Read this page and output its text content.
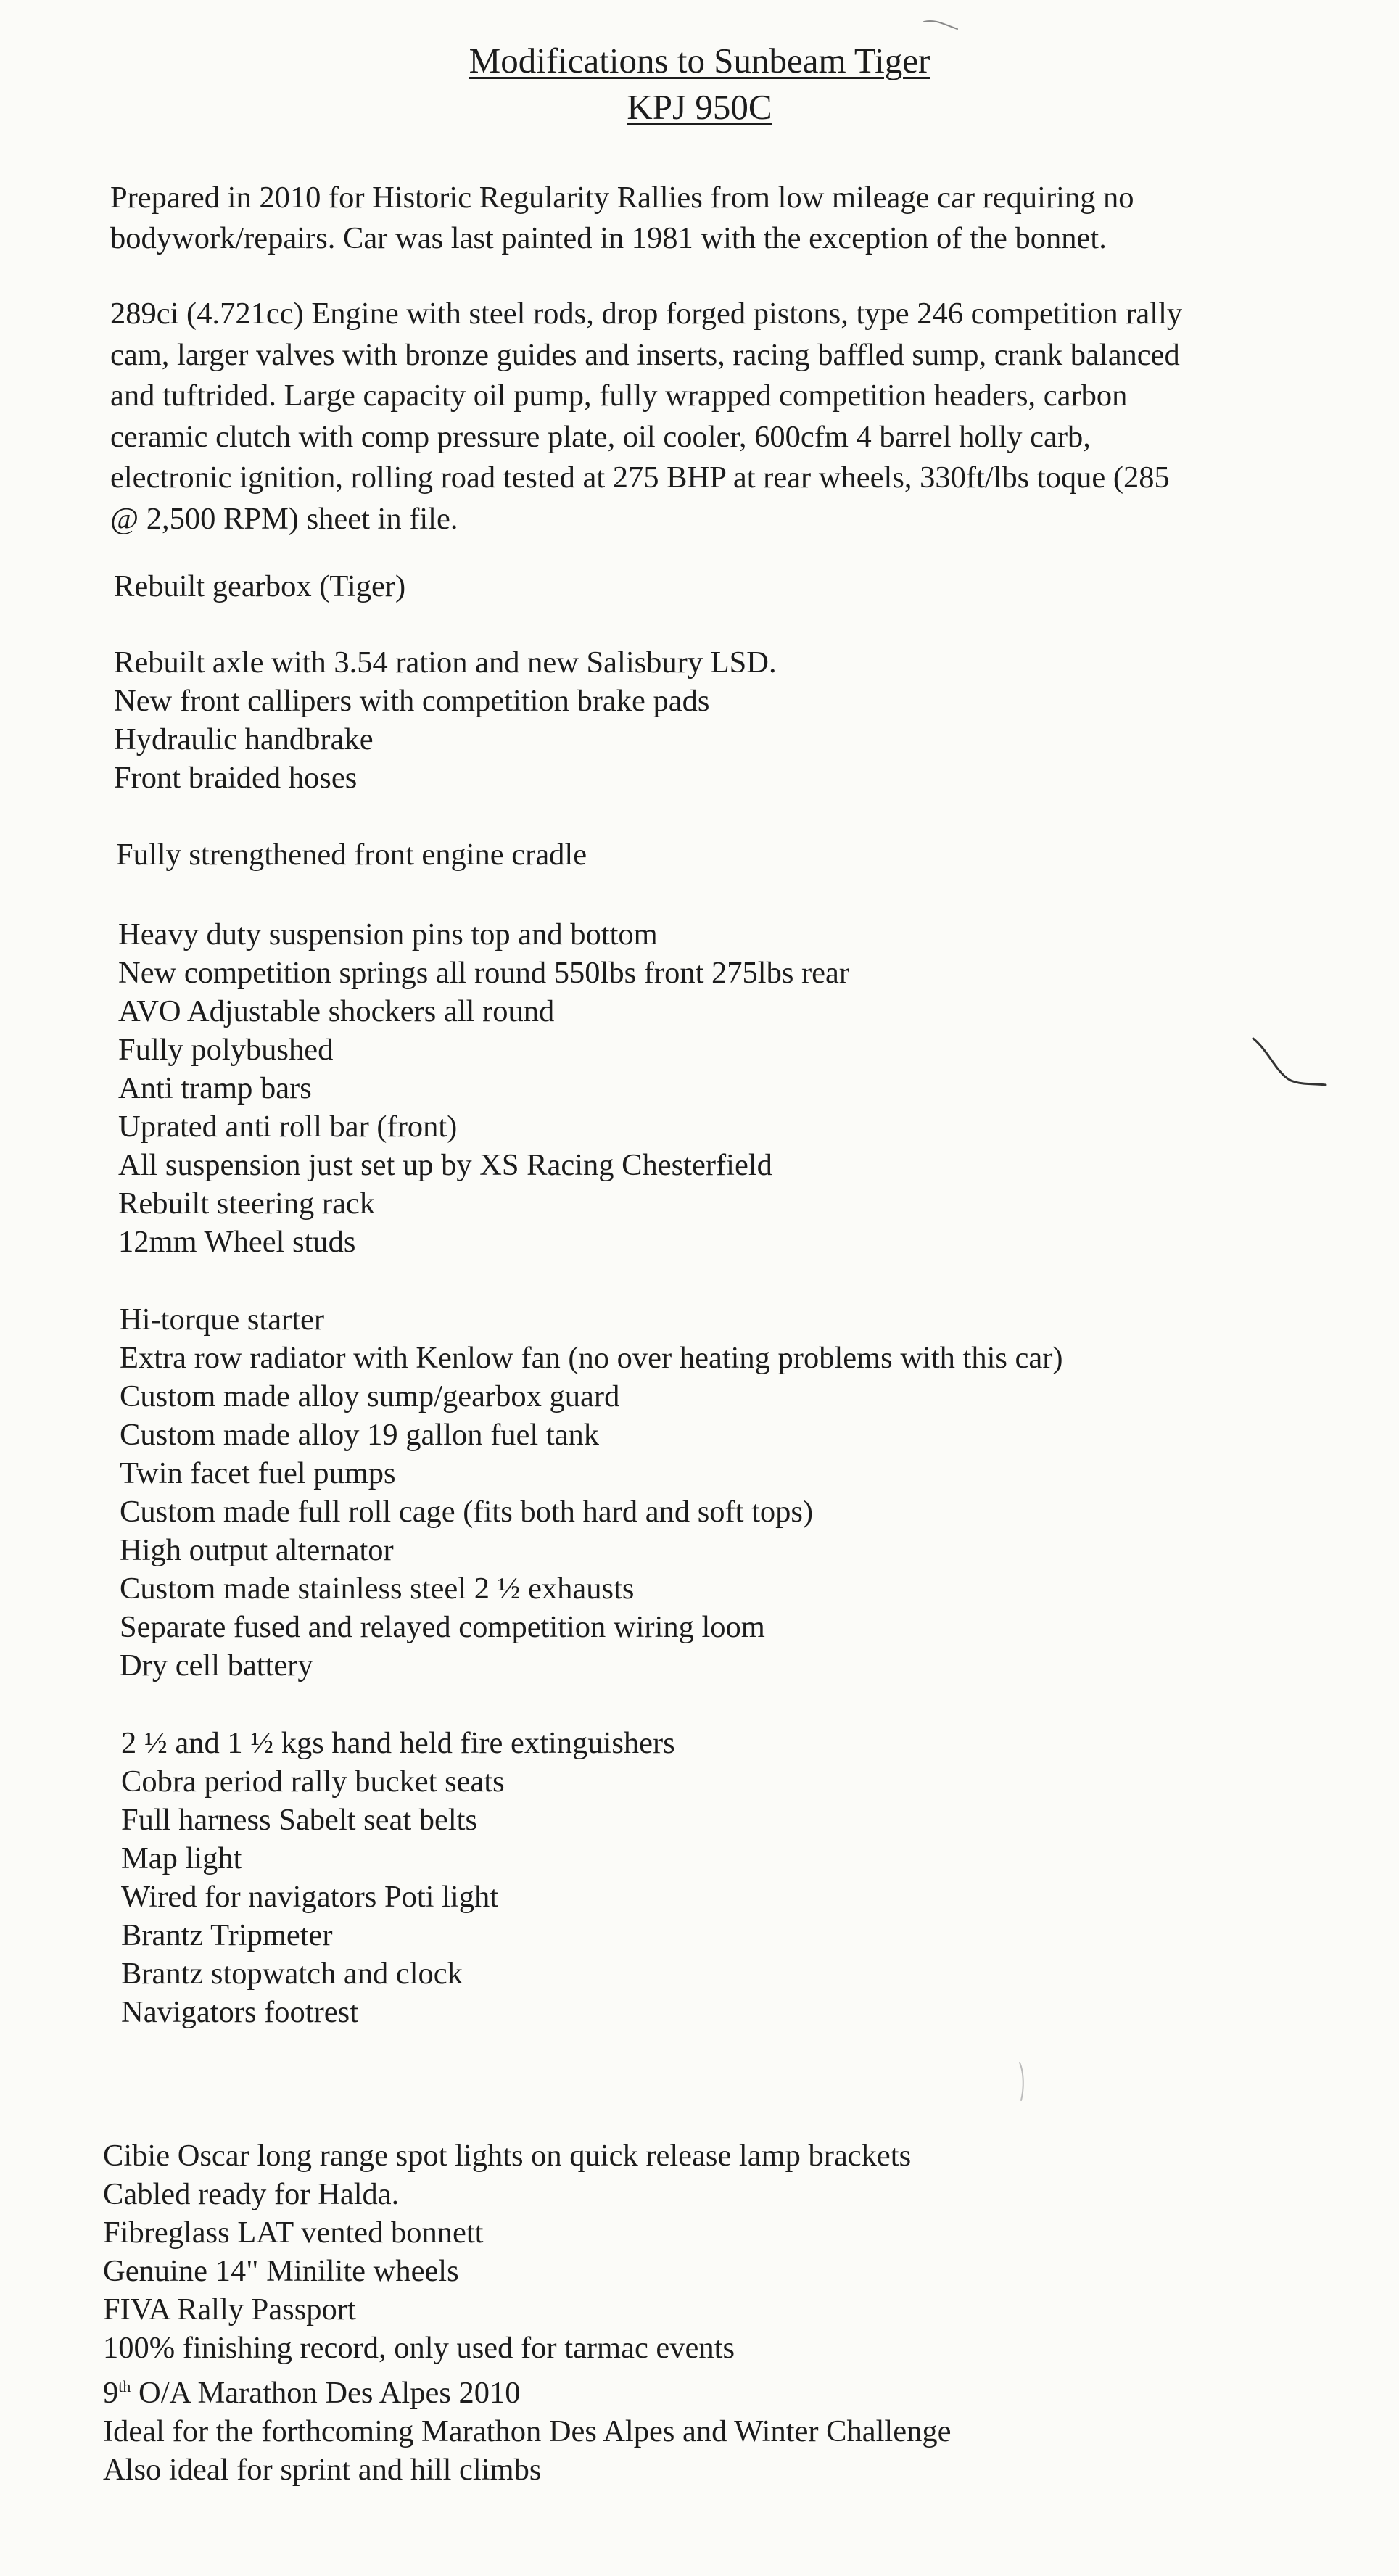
Modifications to Sunbeam Tiger
KPJ 950C
Prepared in 2010 for Historic Regularity Rallies from low mileage car requiring no
bodywork/repairs. Car was last painted in 1981 with the exception of the bonnet.
289ci (4.721cc) Engine with steel rods, drop forged pistons, type 246 competition rally
cam, larger valves with bronze guides and inserts, racing baffled sump, crank balanced
and tuftrided. Large capacity oil pump, fully wrapped competition headers, carbon
ceramic clutch with comp pressure plate, oil cooler, 600cfm 4 barrel holly carb,
electronic ignition, rolling road tested at 275 BHP at rear wheels, 330ft/lbs toque (285
@ 2,500 RPM) sheet in file.
Rebuilt gearbox (Tiger)
Rebuilt axle with 3.54 ration and new Salisbury LSD.
New front callipers with competition brake pads
Hydraulic handbrake
Front braided hoses
Fully strengthened front engine cradle
Heavy duty suspension pins top and bottom
New competition springs all round 550lbs front 275lbs rear
AVO Adjustable shockers all round
Fully polybushed
Anti tramp bars
Uprated anti roll bar (front)
All suspension just set up by XS Racing Chesterfield
Rebuilt steering rack
12mm Wheel studs
Hi-torque starter
Extra row radiator with Kenlow fan (no over heating problems with this car)
Custom made alloy sump/gearbox guard
Custom made alloy 19 gallon fuel tank
Twin facet fuel pumps
Custom made full roll cage (fits both hard and soft tops)
High output alternator
Custom made stainless steel 2 ½ exhausts
Separate fused and relayed competition wiring loom
Dry cell battery
2 ½ and 1 ½ kgs hand held fire extinguishers
Cobra period rally bucket seats
Full harness Sabelt seat belts
Map light
Wired for navigators Poti light
Brantz Tripmeter
Brantz stopwatch and clock
Navigators footrest
Cibie Oscar long range spot lights on quick release lamp brackets
Cabled ready for Halda.
Fibreglass LAT vented bonnett
Genuine 14" Minilite wheels
FIVA Rally Passport
100% finishing record, only used for tarmac events
9th O/A Marathon Des Alpes 2010
Ideal for the forthcoming Marathon Des Alpes and Winter Challenge
Also ideal for sprint and hill climbs
